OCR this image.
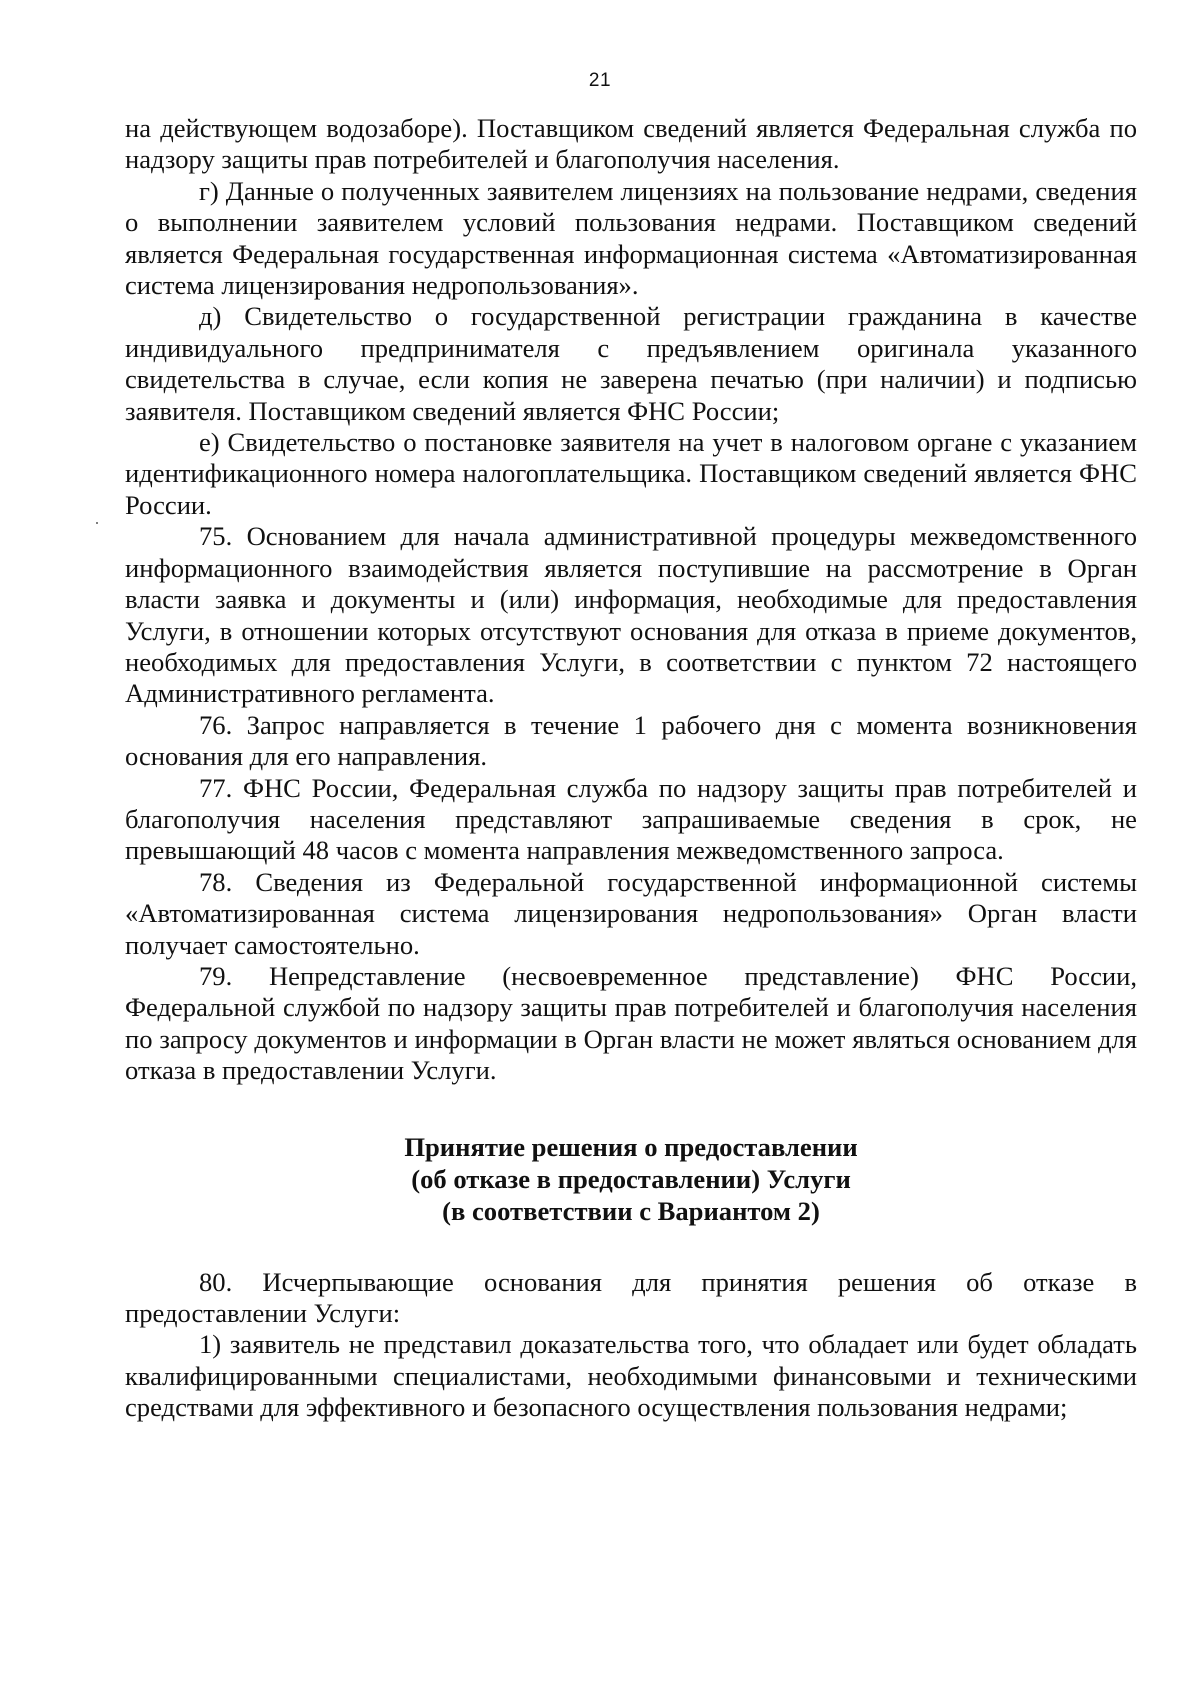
21

на действующем водозаборе). Поставщиком сведений является Федеральная служба по надзору защиты прав потребителей и благополучия населения.

г) Данные о полученных заявителем лицензиях на пользование недрами, сведения о выполнении заявителем условий пользования недрами. Поставщиком сведений является Федеральная государственная информационная система «Автоматизированная система лицензирования недропользования».

д) Свидетельство о государственной регистрации гражданина в качестве индивидуального предпринимателя с предъявлением оригинала указанного свидетельства в случае, если копия не заверена печатью (при наличии) и подписью заявителя. Поставщиком сведений является ФНС России;

е) Свидетельство о постановке заявителя на учет в налоговом органе с указанием идентификационного номера налогоплательщика. Поставщиком сведений является ФНС России.

75. Основанием для начала административной процедуры межведомственного информационного взаимодействия является поступившие на рассмотрение в Орган власти заявка и документы и (или) информация, необходимые для предоставления Услуги, в отношении которых отсутствуют основания для отказа в приеме документов, необходимых для предоставления Услуги, в соответствии с пунктом 72 настоящего Административного регламента.

76. Запрос направляется в течение 1 рабочего дня с момента возникновения основания для его направления.

77. ФНС России, Федеральная служба по надзору защиты прав потребителей и благополучия населения представляют запрашиваемые сведения в срок, не превышающий 48 часов с момента направления межведомственного запроса.

78. Сведения из Федеральной государственной информационной системы «Автоматизированная система лицензирования недропользования» Орган власти получает самостоятельно.

79. Непредставление (несвоевременное представление) ФНС России, Федеральной службой по надзору защиты прав потребителей и благополучия населения по запросу документов и информации в Орган власти не может являться основанием для отказа в предоставлении Услуги.

Принятие решения о предоставлении
(об отказе в предоставлении) Услуги
(в соответствии с Вариантом 2)

80. Исчерпывающие основания для принятия решения об отказе в предоставлении Услуги:

1) заявитель не представил доказательства того, что обладает или будет обладать квалифицированными специалистами, необходимыми финансовыми и техническими средствами для эффективного и безопасного осуществления пользования недрами;
